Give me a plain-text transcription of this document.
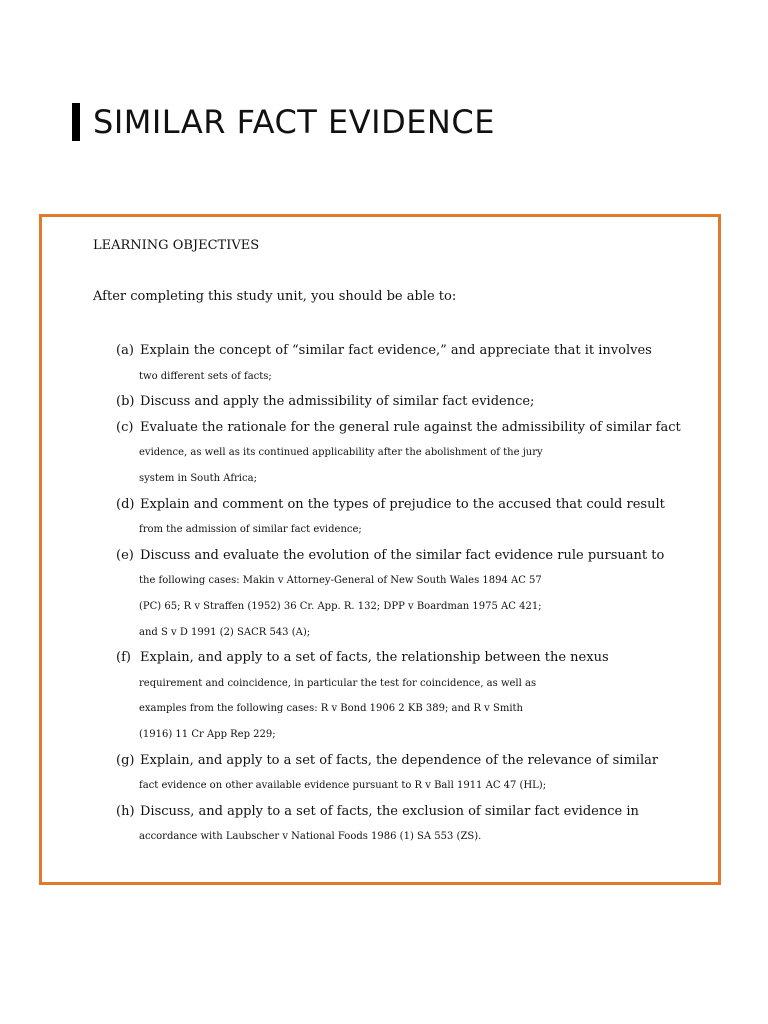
SIMILAR FACT EVIDENCE
LEARNING OBJECTIVES
After completing this study unit, you should be able to:
(a) Explain the concept of “similar fact evidence,” and appreciate that it involves
two different sets of facts;
(b) Discuss and apply the admissibility of similar fact evidence;
(c) Evaluate the rationale for the general rule against the admissibility of similar fact
evidence, as well as its continued applicability after the abolishment of the jury
system in South Africa;
(d) Explain and comment on the types of prejudice to the accused that could result
from the admission of similar fact evidence;
(e) Discuss and evaluate the evolution of the similar fact evidence rule pursuant to
the following cases: Makin v Attorney-General of New South Wales 1894 AC 57
(PC) 65; R v Straffen (1952) 36 Cr. App. R. 132; DPP v Boardman 1975 AC 421;
and S v D 1991 (2) SACR 543 (A);
(f) Explain, and apply to a set of facts, the relationship between the nexus
requirement and coincidence, in particular the test for coincidence, as well as
examples from the following cases: R v Bond 1906 2 KB 389; and R v Smith
(1916) 11 Cr App Rep 229;
(g) Explain, and apply to a set of facts, the dependence of the relevance of similar
fact evidence on other available evidence pursuant to R v Ball 1911 AC 47 (HL);
(h) Discuss, and apply to a set of facts, the exclusion of similar fact evidence in
accordance with Laubscher v National Foods 1986 (1) SA 553 (ZS).
